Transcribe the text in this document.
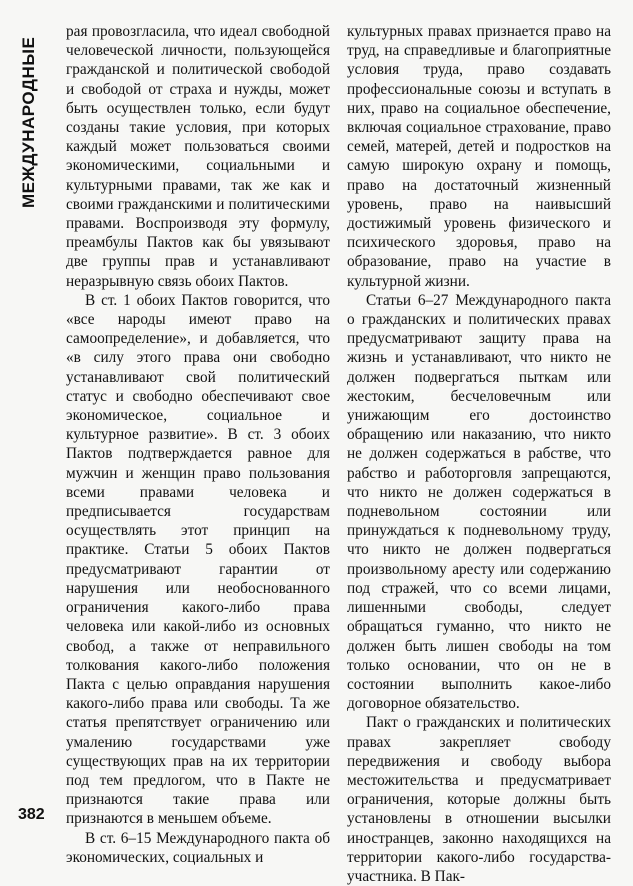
МЕЖДУНАРОДНЫЕ
382

рая провозгласила, что идеал свободной человеческой личности, пользующейся гражданской и политической свободой и свободой от страха и нужды, может быть осуществлен только, если будут созданы такие условия, при которых каждый может пользоваться своими экономическими, социальными и культурными правами, так же как и своими гражданскими и политическими правами. Воспроизводя эту формулу, преамбулы Пактов как бы увязывают две группы прав и устанавливают неразрывную связь обоих Пактов.

В ст. 1 обоих Пактов говорится, что «все народы имеют право на самоопределение», и добавляется, что «в силу этого права они свободно устанавливают свой политический статус и свободно обеспечивают свое экономическое, социальное и культурное развитие». В ст. 3 обоих Пактов подтверждается равное для мужчин и женщин право пользования всеми правами человека и предписывается государствам осуществлять этот принцип на практике. Статьи 5 обоих Пактов предусматривают гарантии от нарушения или необоснованного ограничения какого-либо права человека или какой-либо из основных свобод, а также от неправильного толкования какого-либо положения Пакта с целью оправдания нарушения какого-либо права или свободы. Та же статья препятствует ограничению или умалению государствами уже существующих прав на их территории под тем предлогом, что в Пакте не признаются такие права или признаются в меньшем объеме.

В ст. 6–15 Международного пакта об экономических, социальных и

культурных правах признается право на труд, на справедливые и благоприятные условия труда, право создавать профессиональные союзы и вступать в них, право на социальное обеспечение, включая социальное страхование, право семей, матерей, детей и подростков на самую широкую охрану и помощь, право на достаточный жизненный уровень, право на наивысший достижимый уровень физического и психического здоровья, право на образование, право на участие в культурной жизни.

Статьи 6–27 Международного пакта о гражданских и политических правах предусматривают защиту права на жизнь и устанавливают, что никто не должен подвергаться пыткам или жестоким, бесчеловечным или унижающим его достоинство обращению или наказанию, что никто не должен содержаться в рабстве, что рабство и работорговля запрещаются, что никто не должен содержаться в подневольном состоянии или принуждаться к подневольному труду, что никто не должен подвергаться произвольному аресту или содержанию под стражей, что со всеми лицами, лишенными свободы, следует обращаться гуманно, что никто не должен быть лишен свободы на том только основании, что он не в состоянии выполнить какое-либо договорное обязательство.

Пакт о гражданских и политических правах закрепляет свободу передвижения и свободу выбора местожительства и предусматривает ограничения, которые должны быть установлены в отношении высылки иностранцев, законно находящихся на территории какого-либо государства-участника. В Пак-
